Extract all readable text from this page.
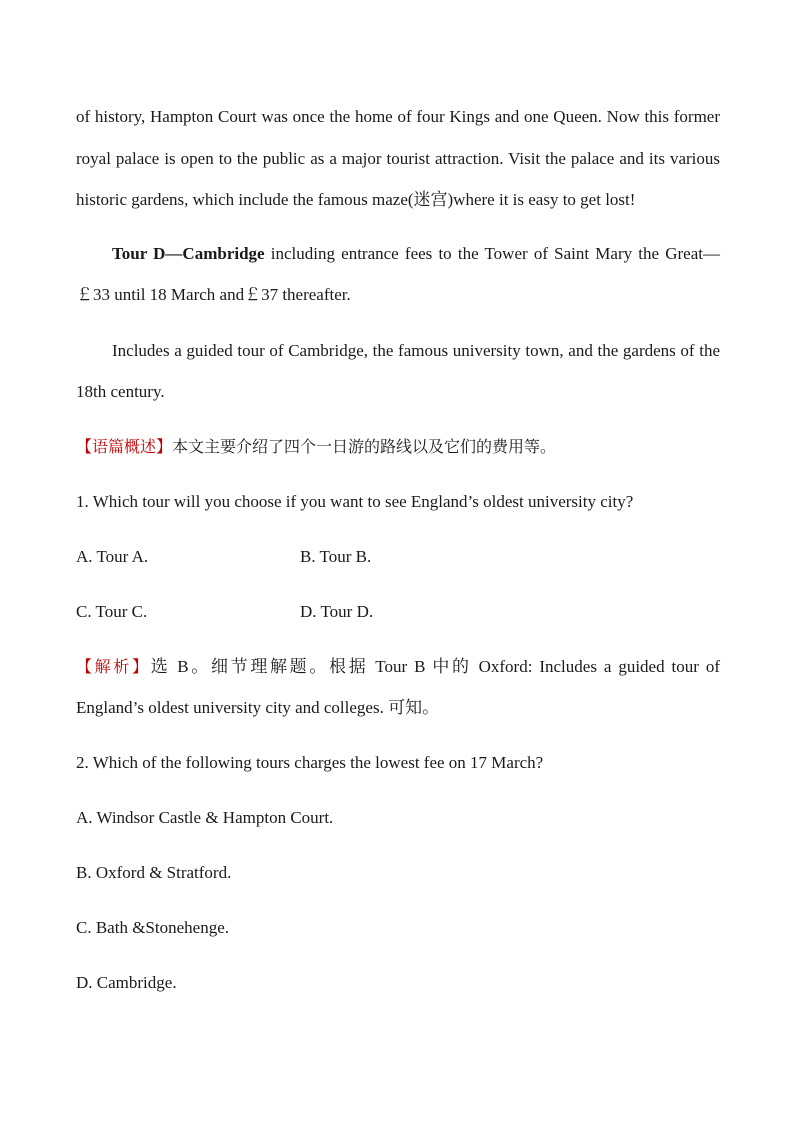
of history, Hampton Court was once the home of four Kings and one Queen. Now this former royal palace is open to the public as a major tourist attraction. Visit the palace and its various historic gardens, which include the famous maze(迷宫)where it is easy to get lost!

Tour D—Cambridge including entrance fees to the Tower of Saint Mary the Great—￡33 until 18 March and￡37 thereafter.

Includes a guided tour of Cambridge, the famous university town, and the gardens of the 18th century.

【语篇概述】本文主要介绍了四个一日游的路线以及它们的费用等。

1. Which tour will you choose if you want to see England’s oldest university city?

A. Tour A.	B. Tour B.
C. Tour C.	D. Tour D.

【解析】选 B。细节理解题。根据 Tour B 中的 Oxford: Includes a guided tour of England’s oldest university city and colleges. 可知。

2. Which of the following tours charges the lowest fee on 17 March?

A. Windsor Castle & Hampton Court.

B. Oxford & Stratford.

C. Bath &Stonehenge.

D. Cambridge.
